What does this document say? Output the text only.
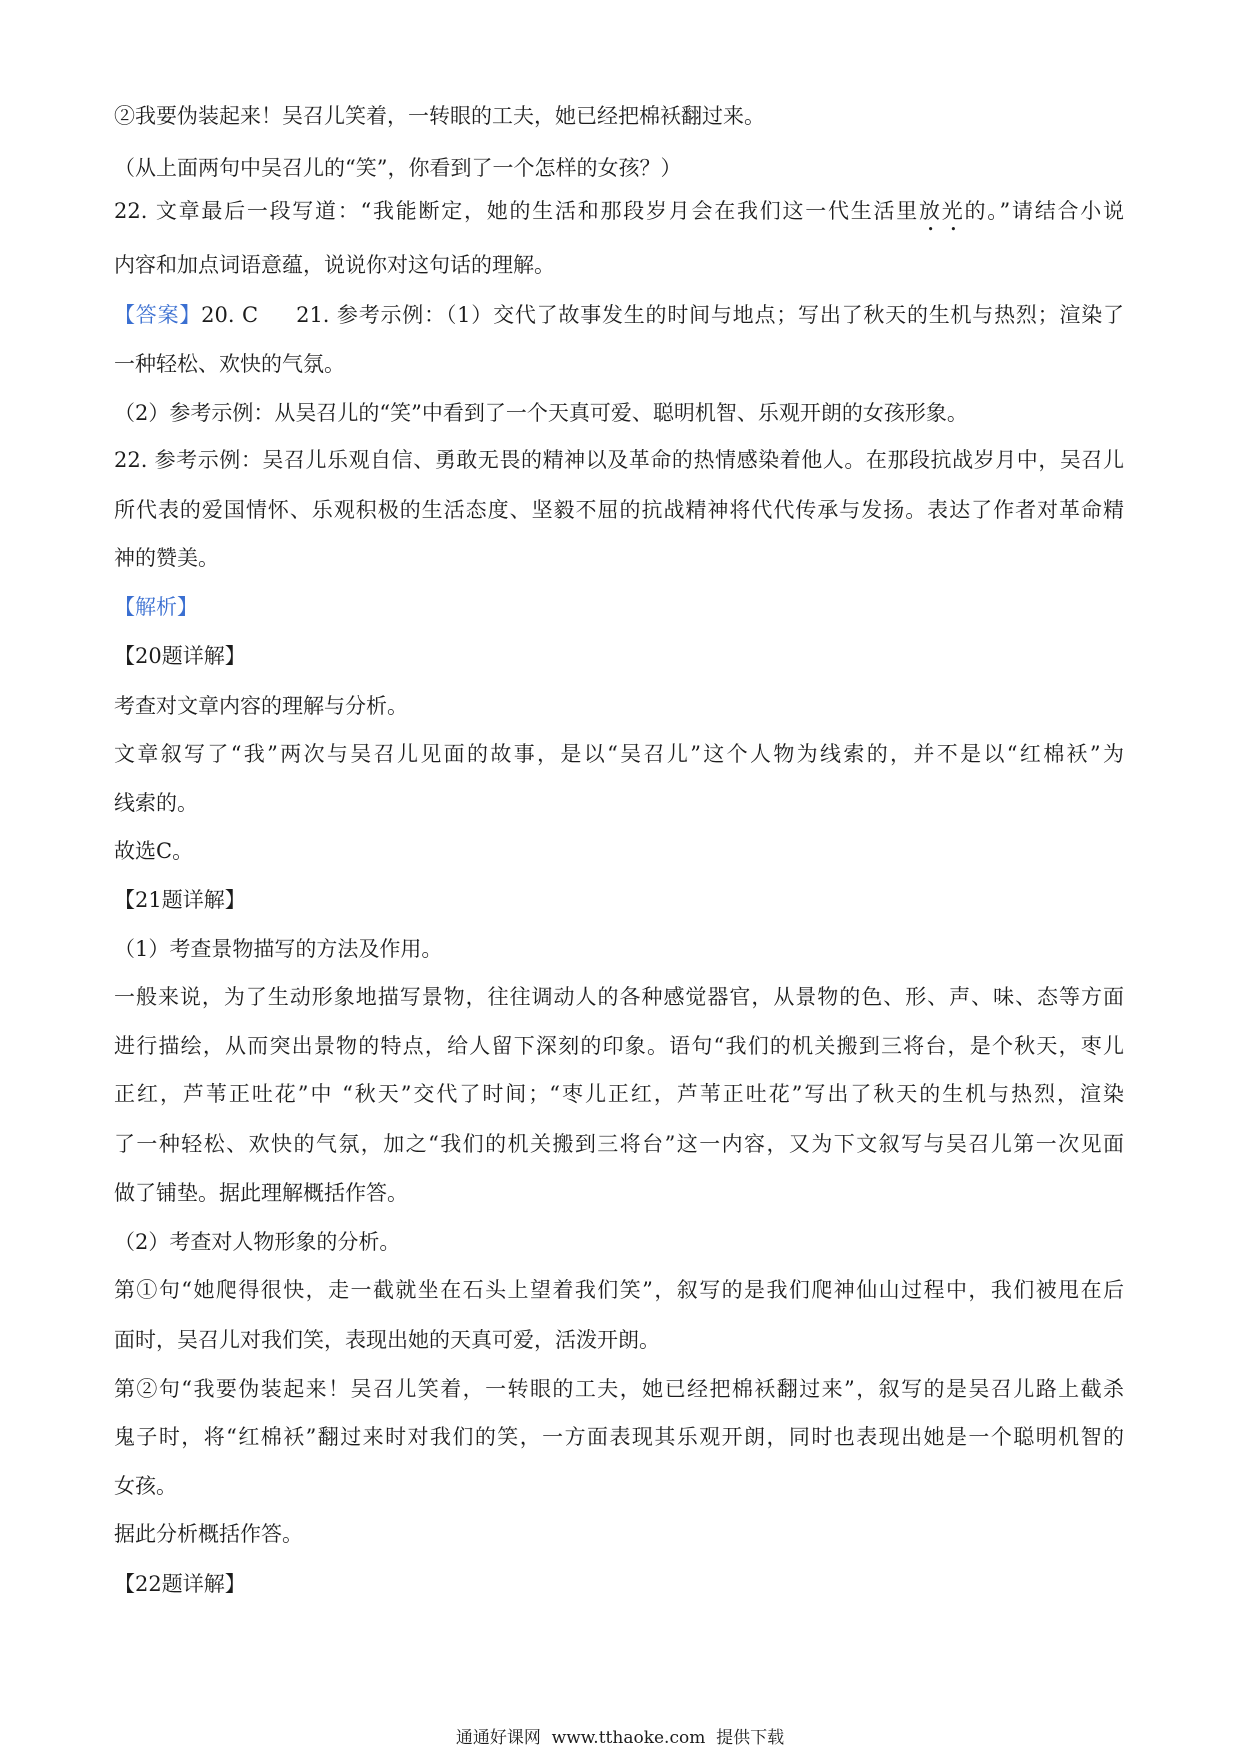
②我要伪装起来！吴召儿笑着，一转眼的工夫，她已经把棉袄翻过来。
（从上面两句中吴召儿的“笑”，你看到了一个怎样的女孩？）
22. 文章最后一段写道：“我能断定，她的生活和那段岁月会在我们这一代生活里放光的。”请结合小说
内容和加点词语意蕴，说说你对这句话的理解。
【答案】20. C 21. 参考示例：（1）交代了故事发生的时间与地点；写出了秋天的生机与热烈；渲染了
一种轻松、欢快的气氛。
（2）参考示例：从吴召儿的“笑”中看到了一个天真可爱、聪明机智、乐观开朗的女孩形象。
22. 参考示例：吴召儿乐观自信、勇敢无畏的精神以及革命的热情感染着他人。在那段抗战岁月中，吴召儿
所代表的爱国情怀、乐观积极的生活态度、坚毅不屈的抗战精神将代代传承与发扬。表达了作者对革命精
神的赞美。
【解析】
【20题详解】
考查对文章内容的理解与分析。
文章叙写了“我”两次与吴召儿见面的故事，是以“吴召儿”这个人物为线索的，并不是以“红棉袄”为
线索的。
故选C。
【21题详解】
（1）考查景物描写的方法及作用。
一般来说，为了生动形象地描写景物，往往调动人的各种感觉器官，从景物的色、形、声、味、态等方面
进行描绘，从而突出景物的特点，给人留下深刻的印象。语句“我们的机关搬到三将台，是个秋天，枣儿
正红，芦苇正吐花”中 “秋天”交代了时间；“枣儿正红，芦苇正吐花”写出了秋天的生机与热烈，渲染
了一种轻松、欢快的气氛，加之“我们的机关搬到三将台”这一内容，又为下文叙写与吴召儿第一次见面
做了铺垫。据此理解概括作答。
（2）考查对人物形象的分析。
第①句“她爬得很快，走一截就坐在石头上望着我们笑”，叙写的是我们爬神仙山过程中，我们被甩在后
面时，吴召儿对我们笑，表现出她的天真可爱，活泼开朗。
第②句“我要伪装起来！吴召儿笑着，一转眼的工夫，她已经把棉袄翻过来”，叙写的是吴召儿路上截杀
鬼子时，将“红棉袄”翻过来时对我们的笑，一方面表现其乐观开朗，同时也表现出她是一个聪明机智的
女孩。
据此分析概括作答。
【22题详解】
通通好课网  www.tthaoke.com  提供下载
